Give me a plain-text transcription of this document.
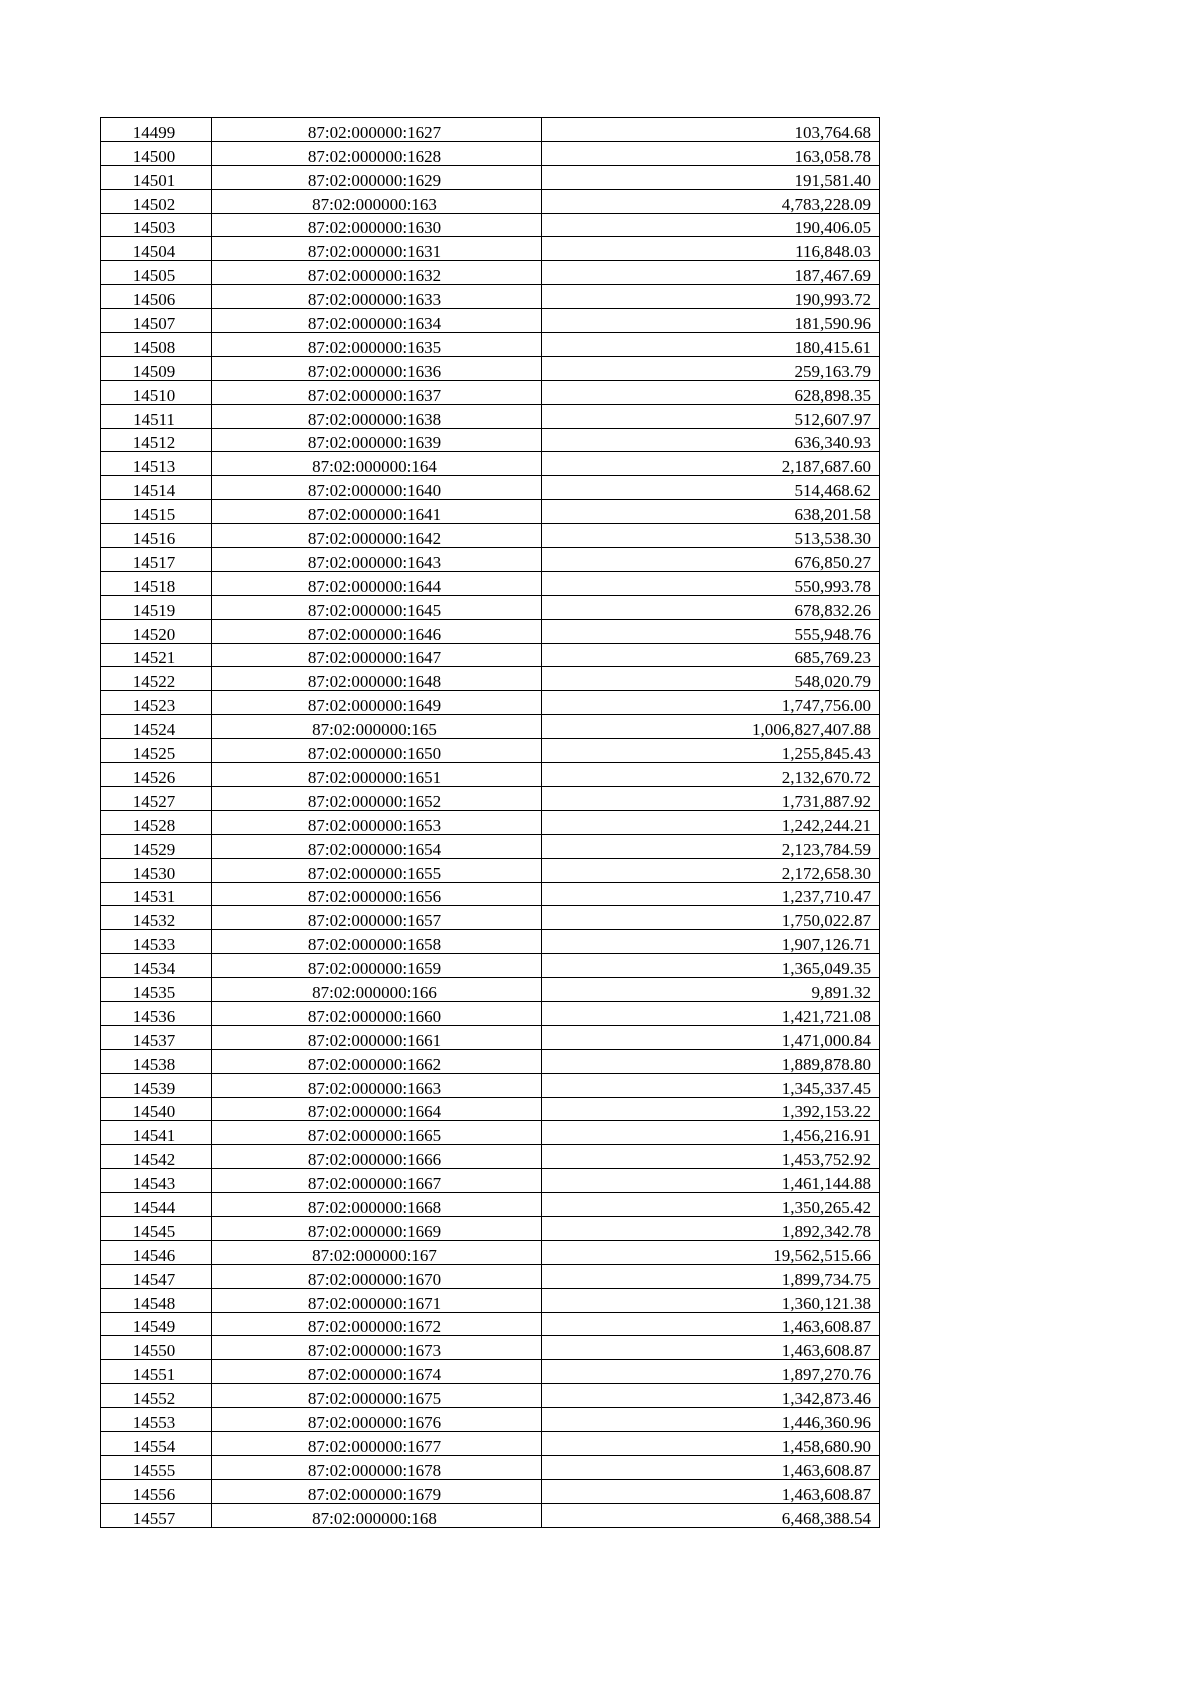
14499	87:02:000000:1627	103,764.68
14500	87:02:000000:1628	163,058.78
14501	87:02:000000:1629	191,581.40
14502	87:02:000000:163	4,783,228.09
14503	87:02:000000:1630	190,406.05
14504	87:02:000000:1631	116,848.03
14505	87:02:000000:1632	187,467.69
14506	87:02:000000:1633	190,993.72
14507	87:02:000000:1634	181,590.96
14508	87:02:000000:1635	180,415.61
14509	87:02:000000:1636	259,163.79
14510	87:02:000000:1637	628,898.35
14511	87:02:000000:1638	512,607.97
14512	87:02:000000:1639	636,340.93
14513	87:02:000000:164	2,187,687.60
14514	87:02:000000:1640	514,468.62
14515	87:02:000000:1641	638,201.58
14516	87:02:000000:1642	513,538.30
14517	87:02:000000:1643	676,850.27
14518	87:02:000000:1644	550,993.78
14519	87:02:000000:1645	678,832.26
14520	87:02:000000:1646	555,948.76
14521	87:02:000000:1647	685,769.23
14522	87:02:000000:1648	548,020.79
14523	87:02:000000:1649	1,747,756.00
14524	87:02:000000:165	1,006,827,407.88
14525	87:02:000000:1650	1,255,845.43
14526	87:02:000000:1651	2,132,670.72
14527	87:02:000000:1652	1,731,887.92
14528	87:02:000000:1653	1,242,244.21
14529	87:02:000000:1654	2,123,784.59
14530	87:02:000000:1655	2,172,658.30
14531	87:02:000000:1656	1,237,710.47
14532	87:02:000000:1657	1,750,022.87
14533	87:02:000000:1658	1,907,126.71
14534	87:02:000000:1659	1,365,049.35
14535	87:02:000000:166	9,891.32
14536	87:02:000000:1660	1,421,721.08
14537	87:02:000000:1661	1,471,000.84
14538	87:02:000000:1662	1,889,878.80
14539	87:02:000000:1663	1,345,337.45
14540	87:02:000000:1664	1,392,153.22
14541	87:02:000000:1665	1,456,216.91
14542	87:02:000000:1666	1,453,752.92
14543	87:02:000000:1667	1,461,144.88
14544	87:02:000000:1668	1,350,265.42
14545	87:02:000000:1669	1,892,342.78
14546	87:02:000000:167	19,562,515.66
14547	87:02:000000:1670	1,899,734.75
14548	87:02:000000:1671	1,360,121.38
14549	87:02:000000:1672	1,463,608.87
14550	87:02:000000:1673	1,463,608.87
14551	87:02:000000:1674	1,897,270.76
14552	87:02:000000:1675	1,342,873.46
14553	87:02:000000:1676	1,446,360.96
14554	87:02:000000:1677	1,458,680.90
14555	87:02:000000:1678	1,463,608.87
14556	87:02:000000:1679	1,463,608.87
14557	87:02:000000:168	6,468,388.54
